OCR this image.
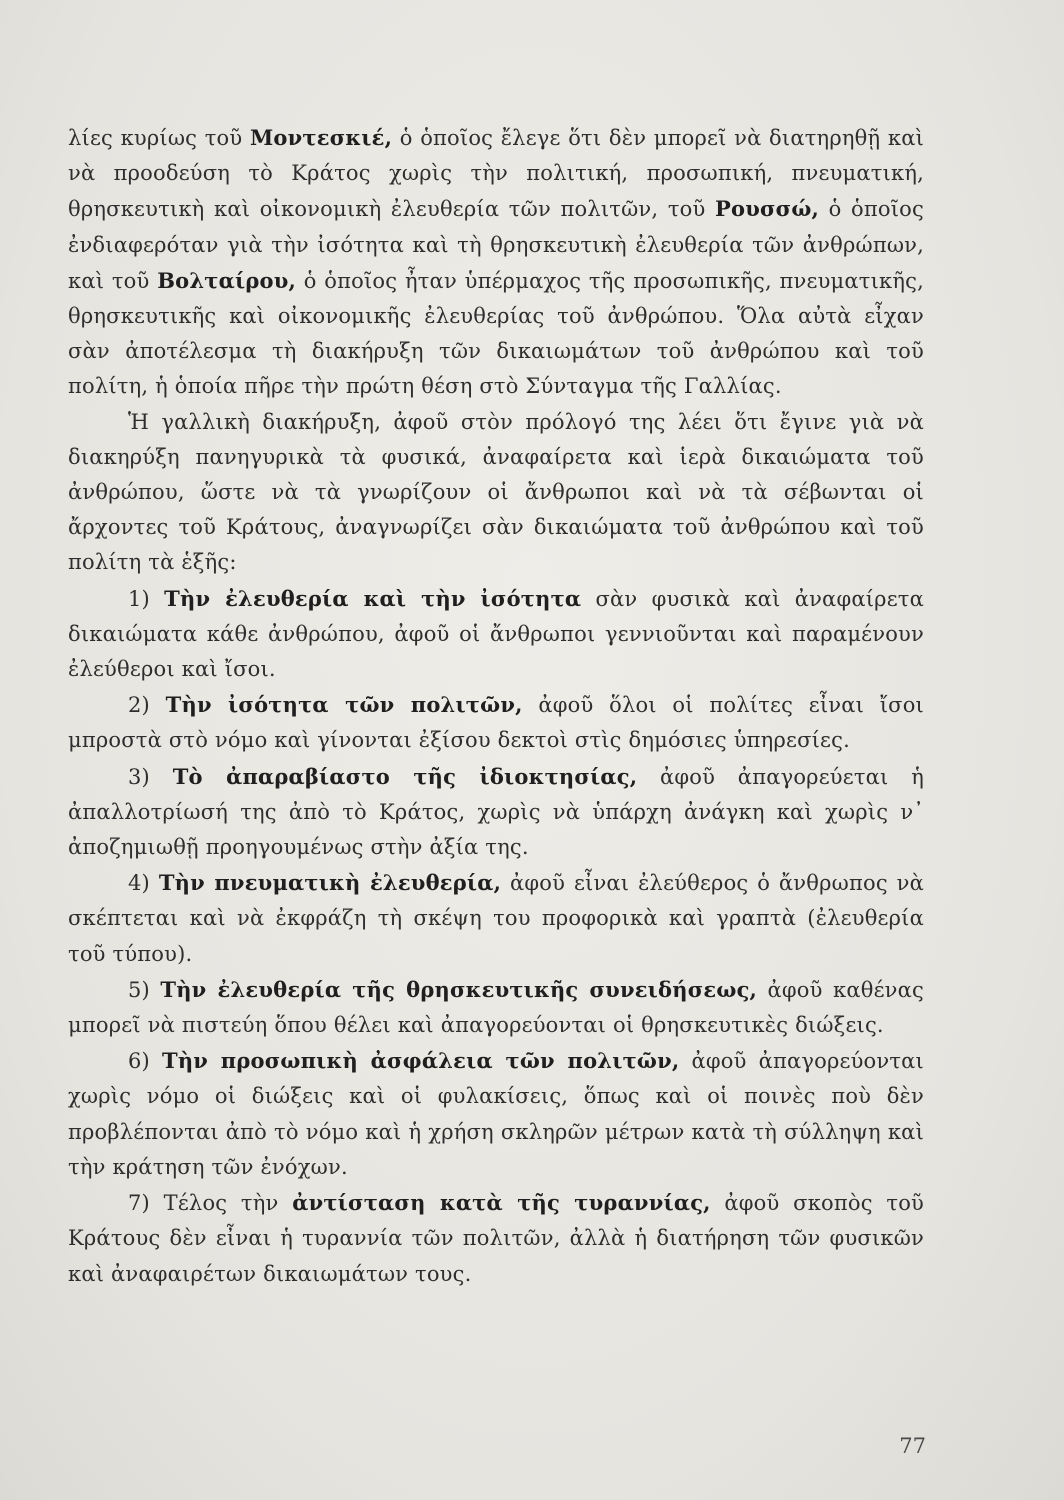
λίες κυρίως τοῦ Μοντεσκιέ, ὁ ὁποῖος ἔλεγε ὅτι δὲν μπορεῖ νὰ διατηρηθῇ καὶ νὰ προοδεύση τὸ Κράτος χωρὶς τὴν πολιτική, προσωπική, πνευματική, θρησκευτικὴ καὶ οἰκονομικὴ ἐλευθερία τῶν πολιτῶν, τοῦ Ρουσσώ, ὁ ὁποῖος ἐνδιαφερόταν γιὰ τὴν ἰσότητα καὶ τὴ θρησκευτικὴ ἐλευθερία τῶν ἀνθρώπων, καὶ τοῦ Βολταίρου, ὁ ὁποῖος ἦταν ὑπέρμαχος τῆς προσωπικῆς, πνευματικῆς, θρησκευτικῆς καὶ οἰκονομικῆς ἐλευθερίας τοῦ ἀνθρώπου. Ὅλα αὐτὰ εἶχαν σὰν ἀποτέλεσμα τὴ διακήρυξη τῶν δικαιωμάτων τοῦ ἀνθρώπου καὶ τοῦ πολίτη, ἡ ὁποία πῆρε τὴν πρώτη θέση στὸ Σύνταγμα τῆς Γαλλίας.

Ἡ γαλλικὴ διακήρυξη, ἀφοῦ στὸν πρόλογό της λέει ὅτι ἔγινε γιὰ νὰ διακηρύξη πανηγυρικὰ τὰ φυσικά, ἀναφαίρετα καὶ ἱερὰ δικαιώματα τοῦ ἀνθρώπου, ὥστε νὰ τὰ γνωρίζουν οἱ ἄνθρωποι καὶ νὰ τὰ σέβωνται οἱ ἄρχοντες τοῦ Κράτους, ἀναγνωρίζει σὰν δικαιώματα τοῦ ἀνθρώπου καὶ τοῦ πολίτη τὰ ἑξῆς:

1) Τὴν ἐλευθερία καὶ τὴν ἰσότητα σὰν φυσικὰ καὶ ἀναφαίρετα δικαιώματα κάθε ἀνθρώπου, ἀφοῦ οἱ ἄνθρωποι γεννιοῦνται καὶ παραμένουν ἐλεύθεροι καὶ ἴσοι.

2) Τὴν ἰσότητα τῶν πολιτῶν, ἀφοῦ ὅλοι οἱ πολίτες εἶναι ἴσοι μπροστὰ στὸ νόμο καὶ γίνονται ἐξίσου δεκτοὶ στὶς δημόσιες ὑπηρεσίες.

3) Τὸ ἀπαραβίαστο τῆς ἰδιοκτησίας, ἀφοῦ ἀπαγορεύεται ἡ ἀπαλλοτρίωσή της ἀπὸ τὸ Κράτος, χωρὶς νὰ ὑπάρχη ἀνάγκη καὶ χωρὶς ν᾽ ἀποζημιωθῇ προηγουμένως στὴν ἀξία της.

4) Τὴν πνευματικὴ ἐλευθερία, ἀφοῦ εἶναι ἐλεύθερος ὁ ἄνθρωπος νὰ σκέπτεται καὶ νὰ ἐκφράζη τὴ σκέψη του προφορικὰ καὶ γραπτὰ (ἐλευθερία τοῦ τύπου).

5) Τὴν ἐλευθερία τῆς θρησκευτικῆς συνειδήσεως, ἀφοῦ καθένας μπορεῖ νὰ πιστεύη ὅπου θέλει καὶ ἀπαγορεύονται οἱ θρησκευτικὲς διώξεις.

6) Τὴν προσωπικὴ ἀσφάλεια τῶν πολιτῶν, ἀφοῦ ἀπαγορεύονται χωρὶς νόμο οἱ διώξεις καὶ οἱ φυλακίσεις, ὅπως καὶ οἱ ποινὲς ποὺ δὲν προβλέπονται ἀπὸ τὸ νόμο καὶ ἡ χρήση σκληρῶν μέτρων κατὰ τὴ σύλληψη καὶ τὴν κράτηση τῶν ἐνόχων.

7) Τέλος τὴν ἀντίσταση κατὰ τῆς τυραννίας, ἀφοῦ σκοπὸς τοῦ Κράτους δὲν εἶναι ἡ τυραννία τῶν πολιτῶν, ἀλλὰ ἡ διατήρηση τῶν φυσικῶν καὶ ἀναφαιρέτων δικαιωμάτων τους.

77
